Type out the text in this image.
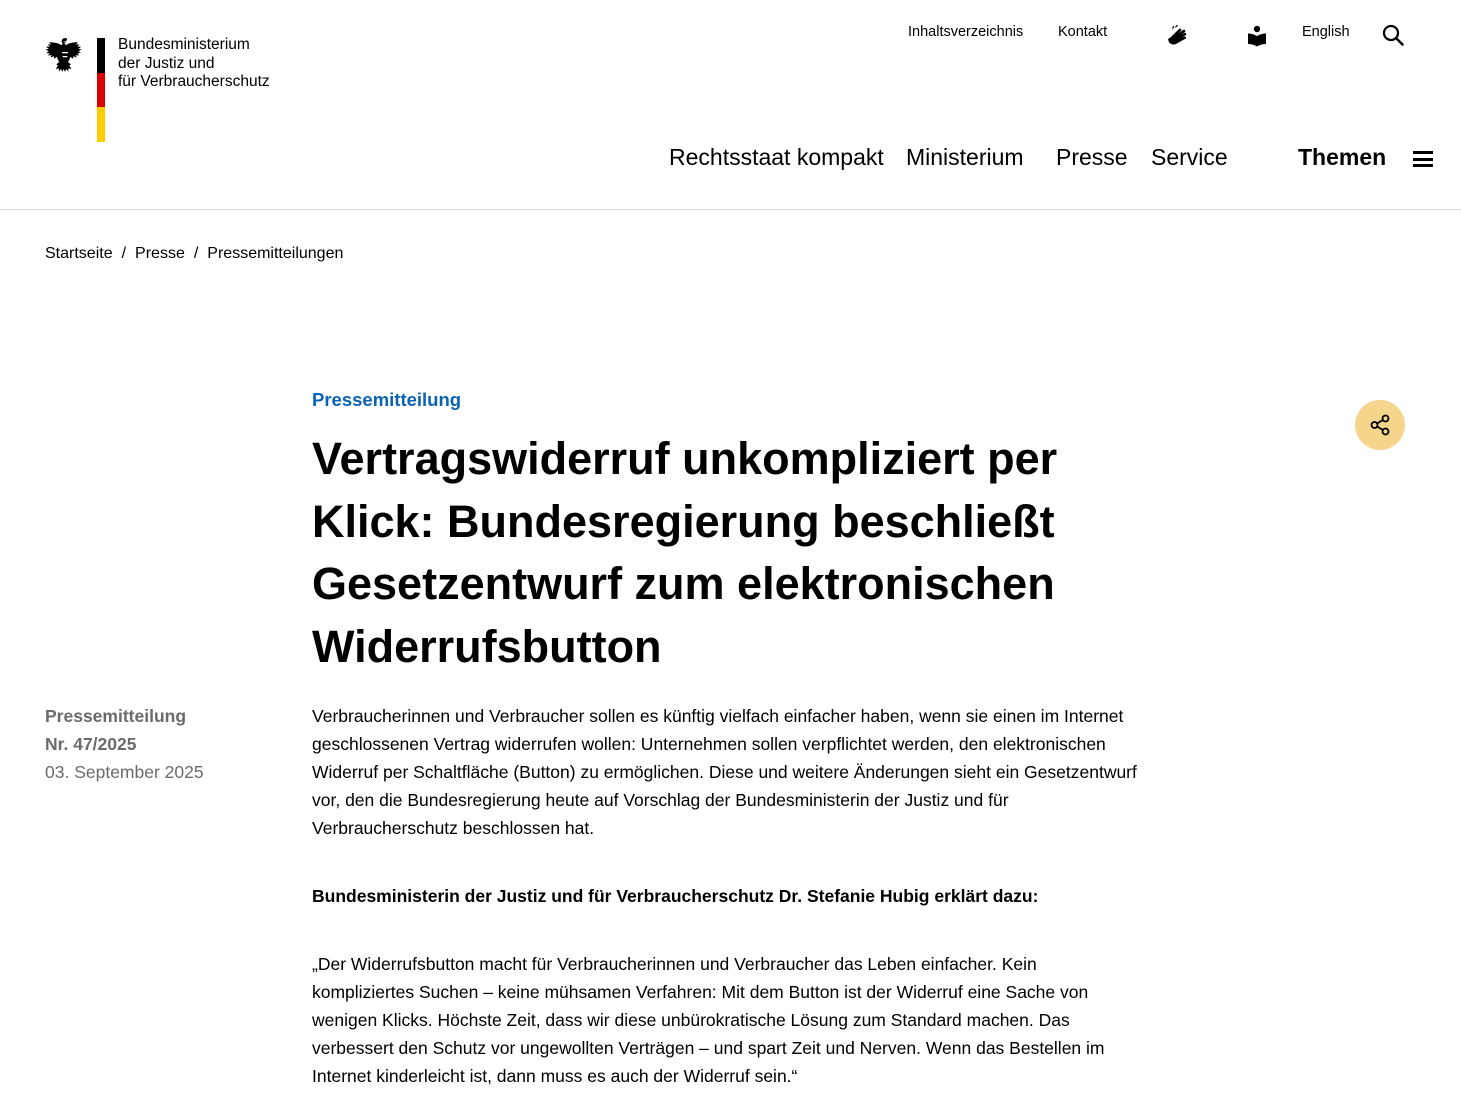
Bundesministerium
der Justiz und
für Verbraucherschutz
Inhaltsverzeichnis Kontakt	English
Rechtsstaat kompakt Ministerium Presse Service	Themen
Startseite / Presse / Pressemitteilungen
Pressemitteilung
Vertragswiderruf unkompliziert per Klick: Bundesregierung beschließt Gesetzentwurf zum elektronischen Widerrufsbutton
Pressemitteilung
Nr. 47/2025
03. September 2025

Verbraucherinnen und Verbraucher sollen es künftig vielfach einfacher haben, wenn sie einen im Internet geschlossenen Vertrag widerrufen wollen: Unternehmen sollen verpflichtet werden, den elektronischen Widerruf per Schaltfläche (Button) zu ermöglichen. Diese und weitere Änderungen sieht ein Gesetzentwurf vor, den die Bundesregierung heute auf Vorschlag der Bundesministerin der Justiz und für Verbraucherschutz beschlossen hat.

Bundesministerin der Justiz und für Verbraucherschutz Dr. Stefanie Hubig erklärt dazu:

„Der Widerrufsbutton macht für Verbraucherinnen und Verbraucher das Leben einfacher. Kein kompliziertes Suchen – keine mühsamen Verfahren: Mit dem Button ist der Widerruf eine Sache von wenigen Klicks. Höchste Zeit, dass wir diese unbürokratische Lösung zum Standard machen. Das verbessert den Schutz vor ungewollten Verträgen – und spart Zeit und Nerven. Wenn das Bestellen im Internet kinderleicht ist, dann muss es auch der Widerruf sein.“
